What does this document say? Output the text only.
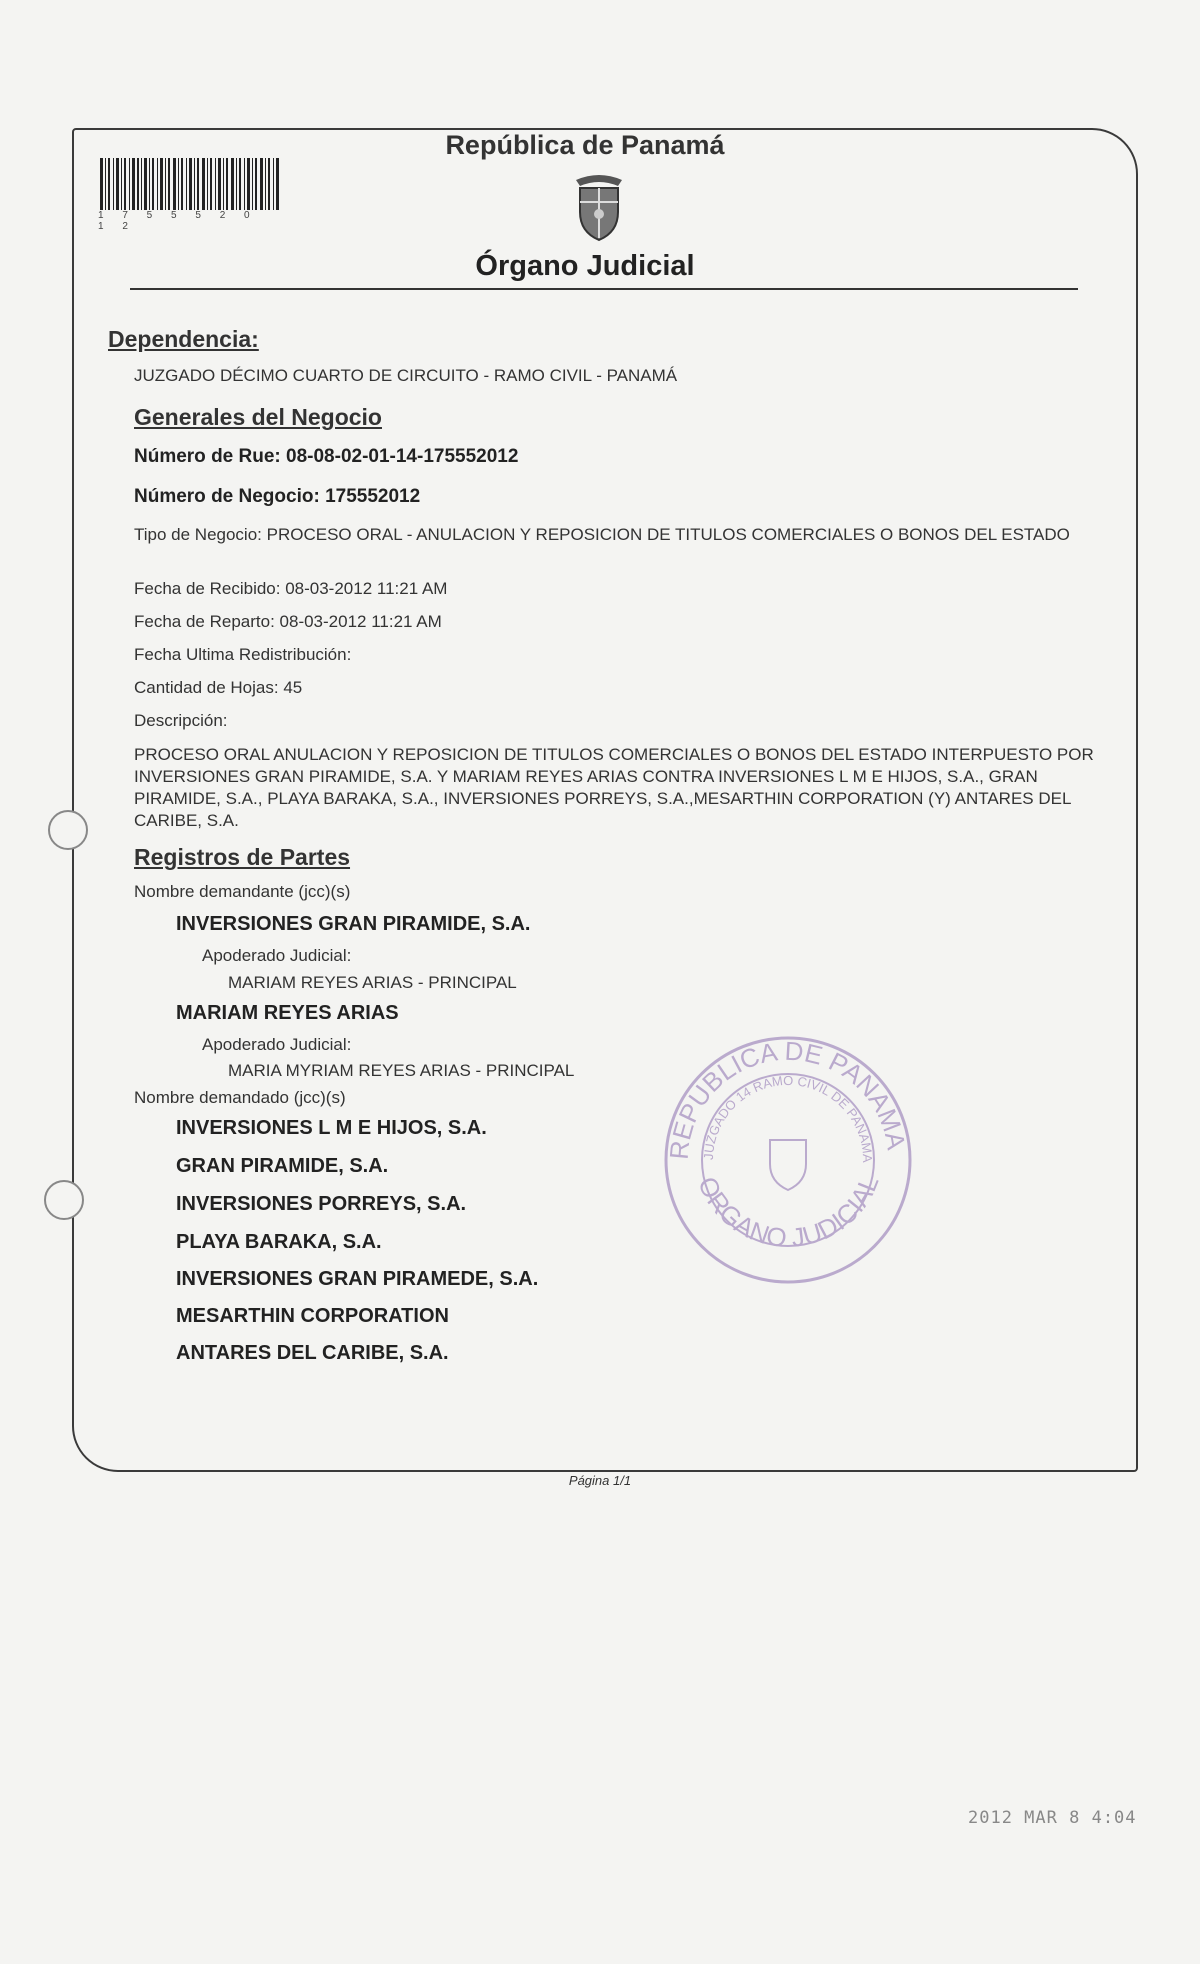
1 7 5 5 5 2 0 1 2
República de Panamá
Órgano Judicial
Dependencia:
JUZGADO DÉCIMO CUARTO DE CIRCUITO - RAMO CIVIL - PANAMÁ
Generales del Negocio
Número de Rue: 08-08-02-01-14-175552012
Número de Negocio: 175552012
Tipo de Negocio: PROCESO ORAL - ANULACION Y REPOSICION DE TITULOS COMERCIALES O BONOS DEL ESTADO
Fecha de Recibido: 08-03-2012 11:21 AM
Fecha de Reparto: 08-03-2012 11:21 AM
Fecha Ultima Redistribución:
Cantidad de Hojas: 45
Descripción:
PROCESO ORAL ANULACION Y REPOSICION DE TITULOS COMERCIALES O BONOS DEL ESTADO INTERPUESTO POR INVERSIONES GRAN PIRAMIDE, S.A. Y MARIAM REYES ARIAS CONTRA INVERSIONES L M E HIJOS, S.A., GRAN PIRAMIDE, S.A., PLAYA BARAKA, S.A., INVERSIONES PORREYS, S.A.,MESARTHIN CORPORATION (Y) ANTARES DEL CARIBE, S.A.
Registros de Partes
Nombre demandante (jcc)(s)
INVERSIONES GRAN PIRAMIDE, S.A.
Apoderado Judicial:
MARIAM REYES ARIAS - PRINCIPAL
MARIAM REYES ARIAS
Apoderado Judicial:
MARIA MYRIAM REYES ARIAS - PRINCIPAL
Nombre demandado (jcc)(s)
INVERSIONES L M E HIJOS, S.A.
GRAN PIRAMIDE, S.A.
INVERSIONES PORREYS, S.A.
PLAYA BARAKA, S.A.
INVERSIONES GRAN PIRAMEDE, S.A.
MESARTHIN CORPORATION
ANTARES DEL CARIBE, S.A.
REPUBLICA DE PANAMA
JUZGADO 14 RAMO CIVIL DE PANAMA
ORGANO JUDICIAL
Página 1/1
2012 MAR 8 4:04
